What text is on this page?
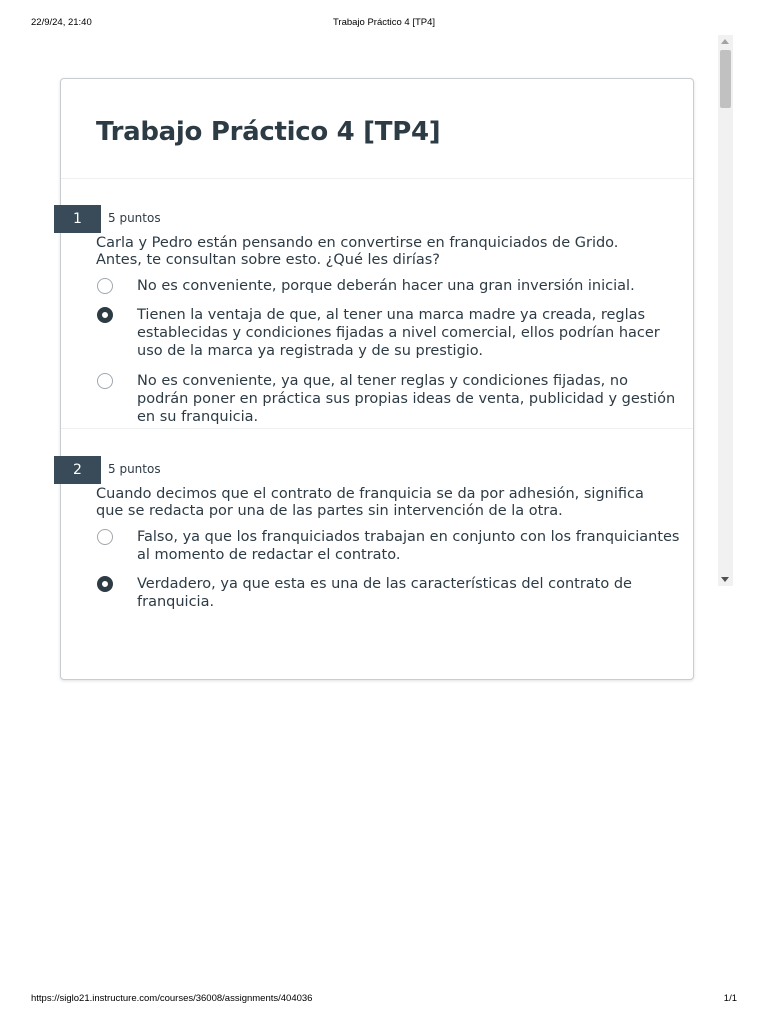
22/9/24, 21:40	Trabajo Práctico 4 [TP4]
Trabajo Práctico 4 [TP4]
1	5 puntos
Carla y Pedro están pensando en convertirse en franquiciados de Grido. Antes, te consultan sobre esto. ¿Qué les dirías?
No es conveniente, porque deberán hacer una gran inversión inicial.
Tienen la ventaja de que, al tener una marca madre ya creada, reglas establecidas y condiciones fijadas a nivel comercial, ellos podrían hacer uso de la marca ya registrada y de su prestigio.
No es conveniente, ya que, al tener reglas y condiciones fijadas, no podrán poner en práctica sus propias ideas de venta, publicidad y gestión en su franquicia.
2	5 puntos
Cuando decimos que el contrato de franquicia se da por adhesión, significa que se redacta por una de las partes sin intervención de la otra.
Falso, ya que los franquiciados trabajan en conjunto con los franquiciantes al momento de redactar el contrato.
Verdadero, ya que esta es una de las características del contrato de franquicia.
https://siglo21.instructure.com/courses/36008/assignments/404036	1/1
